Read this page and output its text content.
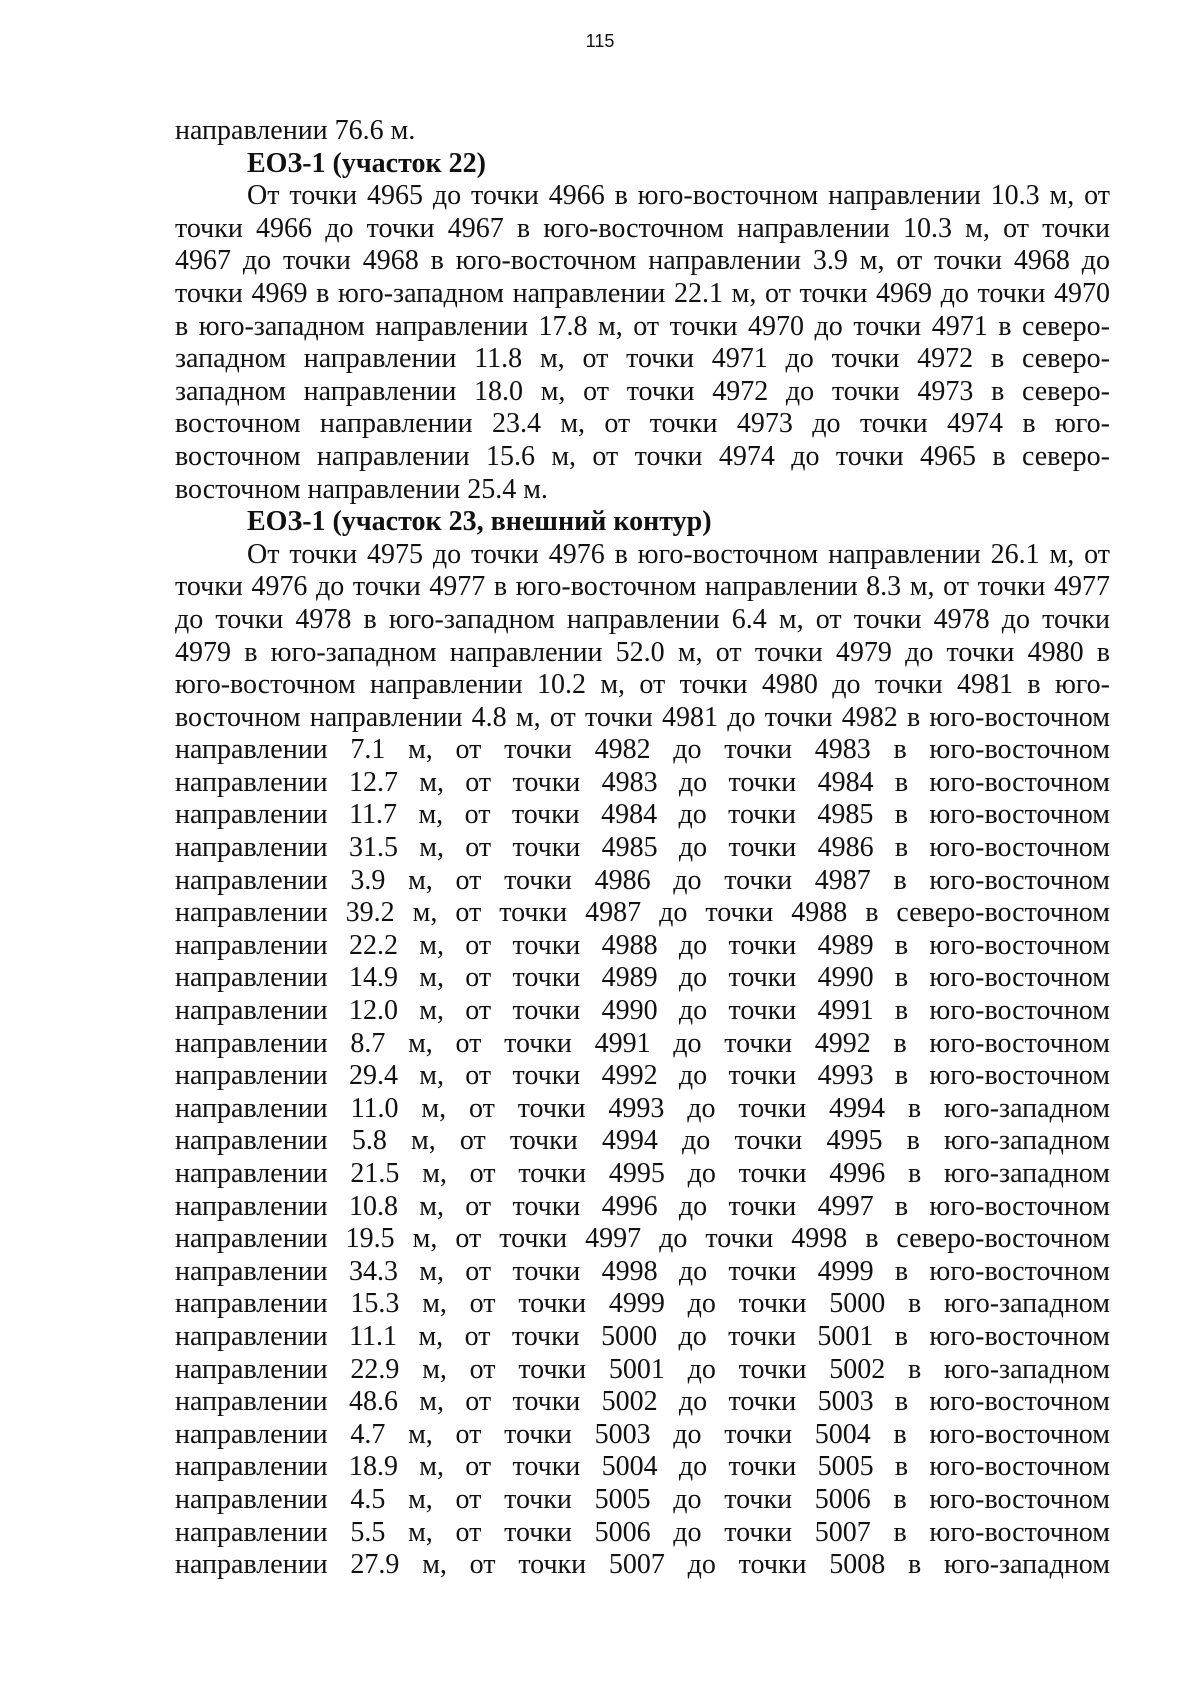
115

направлении 76.6 м.

ЕОЗ-1 (участок 22)
От точки 4965 до точки 4966 в юго-восточном направлении 10.3 м, от
точки 4966 до точки 4967 в юго-восточном направлении 10.3 м, от точки
4967 до точки 4968 в юго-восточном направлении 3.9 м, от точки 4968 до
точки 4969 в юго-западном направлении 22.1 м, от точки 4969 до точки 4970
в юго-западном направлении 17.8 м, от точки 4970 до точки 4971 в северо-
западном направлении 11.8 м, от точки 4971 до точки 4972 в северо-
западном направлении 18.0 м, от точки 4972 до точки 4973 в северо-
восточном направлении 23.4 м, от точки 4973 до точки 4974 в юго-
восточном направлении 15.6 м, от точки 4974 до точки 4965 в северо-
восточном направлении 25.4 м.
ЕОЗ-1 (участок 23, внешний контур)
От точки 4975 до точки 4976 в юго-восточном направлении 26.1 м, от
точки 4976 до точки 4977 в юго-восточном направлении 8.3 м, от точки 4977
до точки 4978 в юго-западном направлении 6.4 м, от точки 4978 до точки
4979 в юго-западном направлении 52.0 м, от точки 4979 до точки 4980 в
юго-восточном направлении 10.2 м, от точки 4980 до точки 4981 в юго-
восточном направлении 4.8 м, от точки 4981 до точки 4982 в юго-восточном
направлении 7.1 м, от точки 4982 до точки 4983 в юго-восточном
направлении 12.7 м, от точки 4983 до точки 4984 в юго-восточном
направлении 11.7 м, от точки 4984 до точки 4985 в юго-восточном
направлении 31.5 м, от точки 4985 до точки 4986 в юго-восточном
направлении 3.9 м, от точки 4986 до точки 4987 в юго-восточном
направлении 39.2 м, от точки 4987 до точки 4988 в северо-восточном
направлении 22.2 м, от точки 4988 до точки 4989 в юго-восточном
направлении 14.9 м, от точки 4989 до точки 4990 в юго-восточном
направлении 12.0 м, от точки 4990 до точки 4991 в юго-восточном
направлении 8.7 м, от точки 4991 до точки 4992 в юго-восточном
направлении 29.4 м, от точки 4992 до точки 4993 в юго-восточном
направлении 11.0 м, от точки 4993 до точки 4994 в юго-западном
направлении 5.8 м, от точки 4994 до точки 4995 в юго-западном
направлении 21.5 м, от точки 4995 до точки 4996 в юго-западном
направлении 10.8 м, от точки 4996 до точки 4997 в юго-восточном
направлении 19.5 м, от точки 4997 до точки 4998 в северо-восточном
направлении 34.3 м, от точки 4998 до точки 4999 в юго-восточном
направлении 15.3 м, от точки 4999 до точки 5000 в юго-западном
направлении 11.1 м, от точки 5000 до точки 5001 в юго-восточном
направлении 22.9 м, от точки 5001 до точки 5002 в юго-западном
направлении 48.6 м, от точки 5002 до точки 5003 в юго-восточном
направлении 4.7 м, от точки 5003 до точки 5004 в юго-восточном
направлении 18.9 м, от точки 5004 до точки 5005 в юго-восточном
направлении 4.5 м, от точки 5005 до точки 5006 в юго-восточном
направлении 5.5 м, от точки 5006 до точки 5007 в юго-восточном
направлении 27.9 м, от точки 5007 до точки 5008 в юго-западном
